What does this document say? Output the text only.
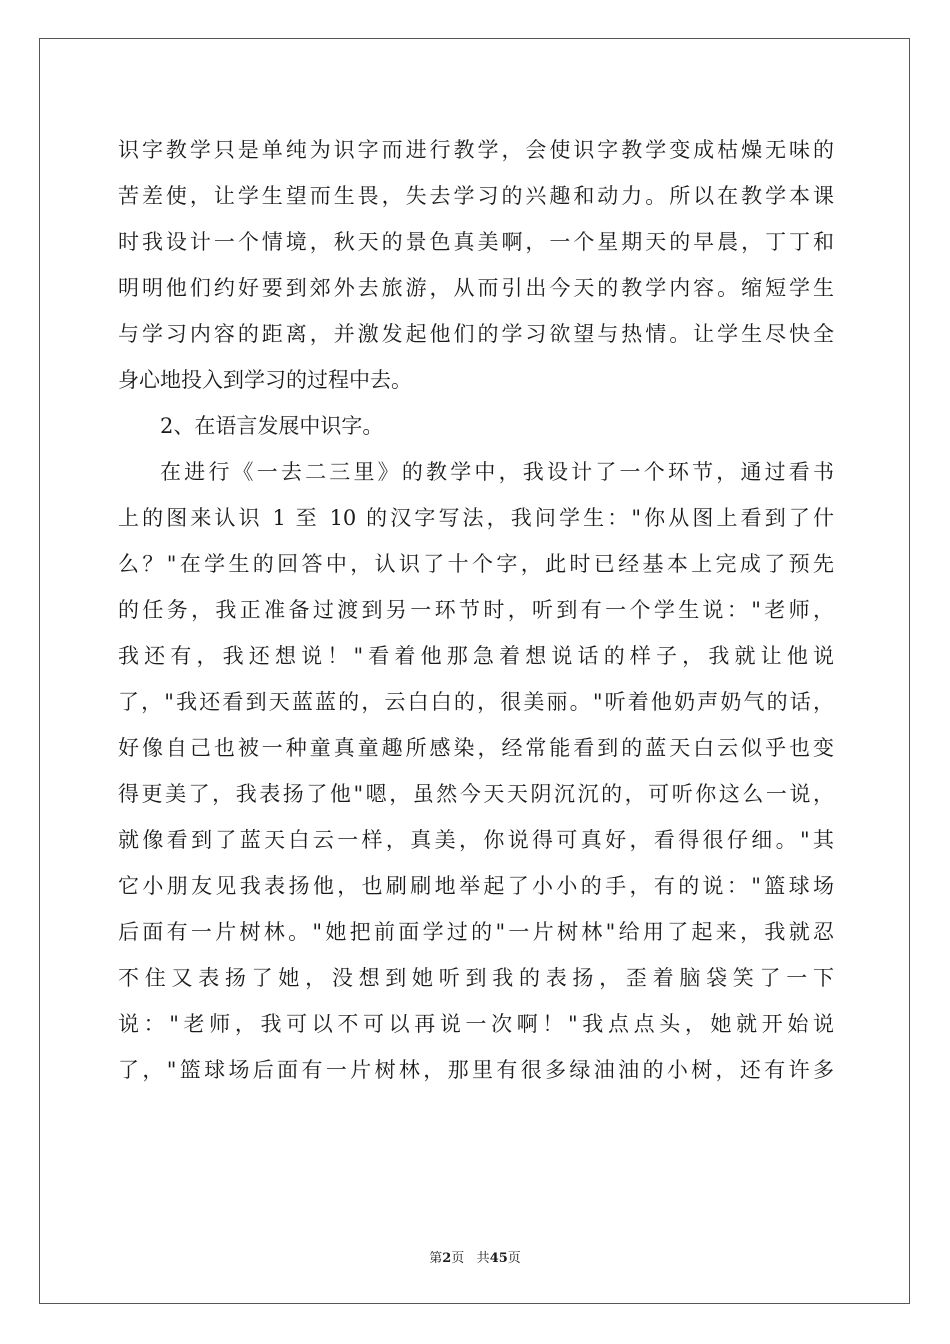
识字教学只是单纯为识字而进行教学，会使识字教学变成枯燥无味的
苦差使，让学生望而生畏，失去学习的兴趣和动力。所以在教学本课
时我设计一个情境，秋天的景色真美啊，一个星期天的早晨，丁丁和
明明他们约好要到郊外去旅游，从而引出今天的教学内容。缩短学生
与学习内容的距离，并激发起他们的学习欲望与热情。让学生尽快全
身心地投入到学习的过程中去。
2、在语言发展中识字。
在进行《一去二三里》的教学中，我设计了一个环节，通过看书
上的图来认识 1 至 10 的汉字写法，我问学生："你从图上看到了什
么？"在学生的回答中，认识了十个字，此时已经基本上完成了预先
的任务，我正准备过渡到另一环节时，听到有一个学生说："老师，
我还有，我还想说！"看着他那急着想说话的样子，我就让他说
了，"我还看到天蓝蓝的，云白白的，很美丽。"听着他奶声奶气的话，
好像自己也被一种童真童趣所感染，经常能看到的蓝天白云似乎也变
得更美了，我表扬了他"嗯，虽然今天天阴沉沉的，可听你这么一说，
就像看到了蓝天白云一样，真美，你说得可真好，看得很仔细。"其
它小朋友见我表扬他，也刷刷地举起了小小的手，有的说："篮球场
后面有一片树林。"她把前面学过的"一片树林"给用了起来，我就忍
不住又表扬了她，没想到她听到我的表扬，歪着脑袋笑了一下
说："老师，我可以不可以再说一次啊！"我点点头，她就开始说
了，"篮球场后面有一片树林，那里有很多绿油油的小树，还有许多
第2页 共45页
